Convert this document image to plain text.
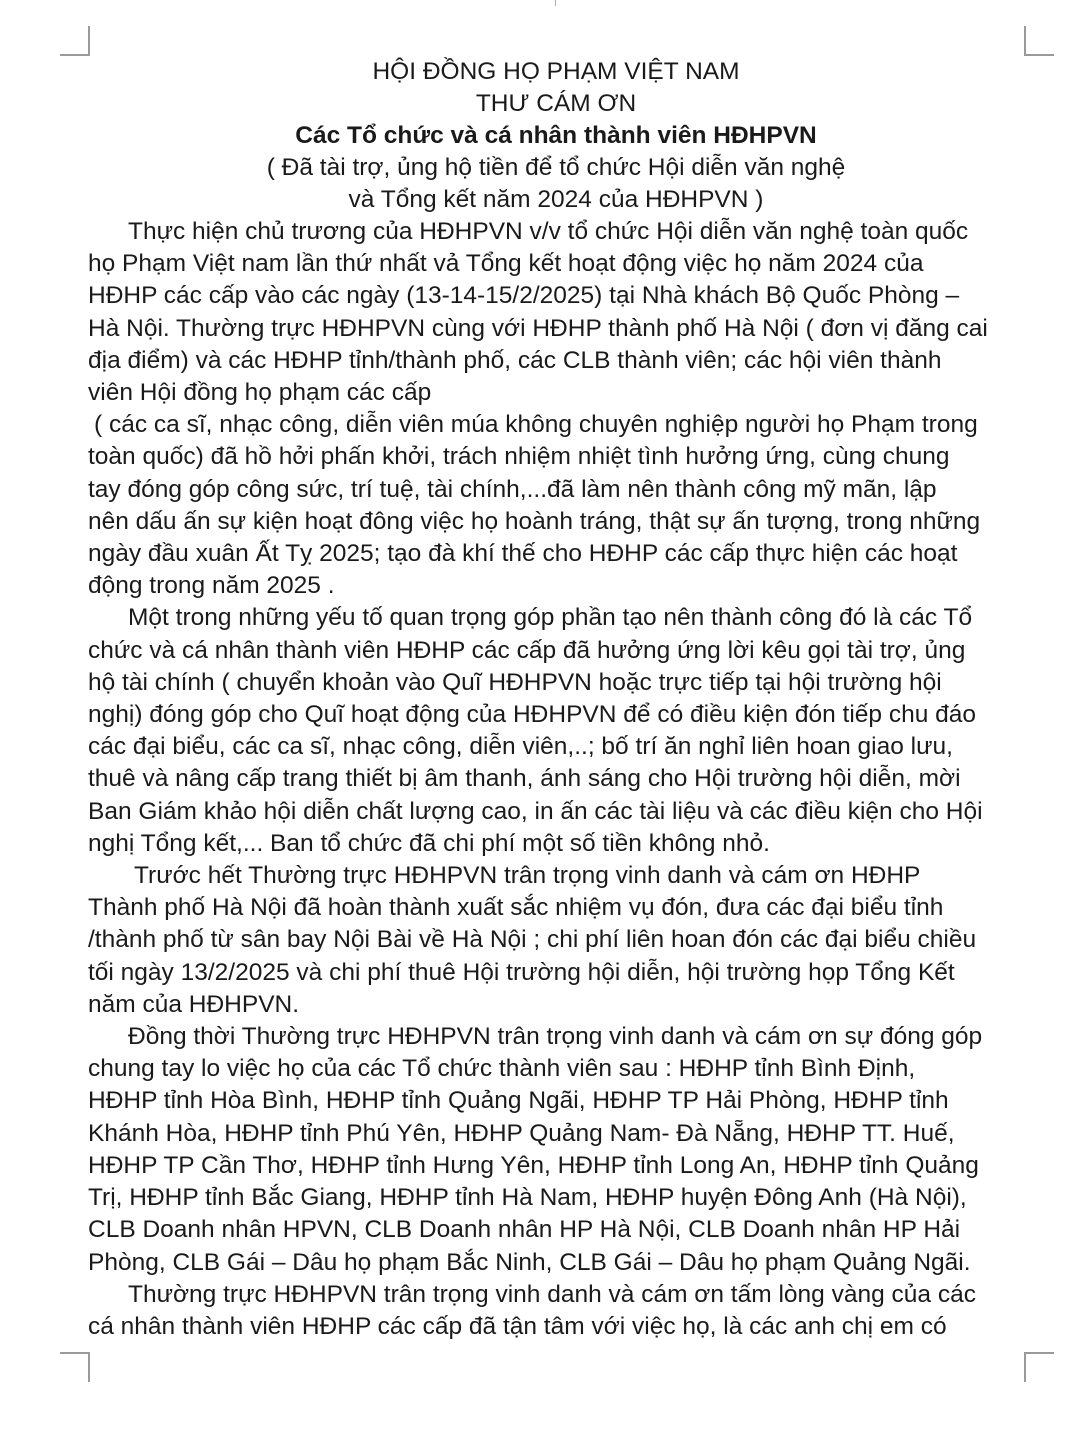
HỘI ĐỒNG HỌ PHẠM VIỆT NAM

THƯ CÁM ƠN

Các Tổ chức và cá nhân thành viên HĐHPVN

( Đã tài trợ, ủng hộ tiền để tổ chức Hội diễn văn nghệ

và Tổng kết năm 2024 của HĐHPVN )

Thực hiện chủ trương của HĐHPVN v/v tổ chức Hội diễn văn nghệ toàn quốc
họ Phạm Việt nam lần thứ nhất vả Tổng kết hoạt động việc họ năm 2024 của
HĐHP các cấp vào các ngày (13-14-15/2/2025) tại Nhà khách Bộ Quốc Phòng –
Hà Nội. Thường trực HĐHPVN cùng với HĐHP thành phố Hà Nội ( đơn vị đăng cai
địa điểm) và các HĐHP tỉnh/thành phố, các CLB thành viên; các hội viên thành
viên Hội đồng họ phạm các cấp
( các ca sĩ, nhạc công, diễn viên múa không chuyên nghiệp người họ Phạm trong
toàn quốc) đã hồ hởi phấn khởi, trách nhiệm nhiệt tình hưởng ứng, cùng chung
tay đóng góp công sức, trí tuệ, tài chính,...đã làm nên thành công mỹ mãn, lập
nên dấu ấn sự kiện hoạt đông việc họ hoành tráng, thật sự ấn tượng, trong những
ngày đầu xuân Ất Tỵ 2025; tạo đà khí thế cho HĐHP các cấp thực hiện các hoạt
động trong năm 2025 .
Một trong những yếu tố quan trọng góp phần tạo nên thành công đó là các Tổ
chức và cá nhân thành viên HĐHP các cấp đã hưởng ứng lời kêu gọi tài trợ, ủng
hộ tài chính ( chuyển khoản vào Quĩ HĐHPVN hoặc trực tiếp tại hội trường hội
nghị) đóng góp cho Quĩ hoạt động của HĐHPVN để có điều kiện đón tiếp chu đáo
các đại biểu, các ca sĩ, nhạc công, diễn viên,..; bố trí ăn nghỉ liên hoan giao lưu,
thuê và nâng cấp trang thiết bị âm thanh, ánh sáng cho Hội trường hội diễn, mời
Ban Giám khảo hội diễn chất lượng cao, in ấn các tài liệu và các điều kiện cho Hội
nghị Tổng kết,... Ban tổ chức đã chi phí một số tiền không nhỏ.
Trước hết Thường trực HĐHPVN trân trọng vinh danh và cám ơn HĐHP
Thành phố Hà Nội đã hoàn thành xuất sắc nhiệm vụ đón, đưa các đại biểu tỉnh
/thành phố từ sân bay Nội Bài về Hà Nội ; chi phí liên hoan đón các đại biểu chiều
tối ngày 13/2/2025 và chi phí thuê Hội trường hội diễn, hội trường họp Tổng Kết
năm của HĐHPVN.
Đồng thời Thường trực HĐHPVN trân trọng vinh danh và cám ơn sự đóng góp
chung tay lo việc họ của các Tổ chức thành viên sau : HĐHP tỉnh Bình Định,
HĐHP tỉnh Hòa Bình, HĐHP tỉnh Quảng Ngãi, HĐHP TP Hải Phòng, HĐHP tỉnh
Khánh Hòa, HĐHP tỉnh Phú Yên, HĐHP Quảng Nam- Đà Nẵng, HĐHP TT. Huế,
HĐHP TP Cần Thơ, HĐHP tỉnh Hưng Yên, HĐHP tỉnh Long An, HĐHP tỉnh Quảng
Trị, HĐHP tỉnh Bắc Giang, HĐHP tỉnh Hà Nam, HĐHP huyện Đông Anh (Hà Nội),
CLB Doanh nhân HPVN, CLB Doanh nhân HP Hà Nội, CLB Doanh nhân HP Hải
Phòng, CLB Gái – Dâu họ phạm Bắc Ninh, CLB Gái – Dâu họ phạm Quảng Ngãi.
Thường trực HĐHPVN trân trọng vinh danh và cám ơn tấm lòng vàng của các
cá nhân thành viên HĐHP các cấp đã tận tâm với việc họ, là các anh chị em có
